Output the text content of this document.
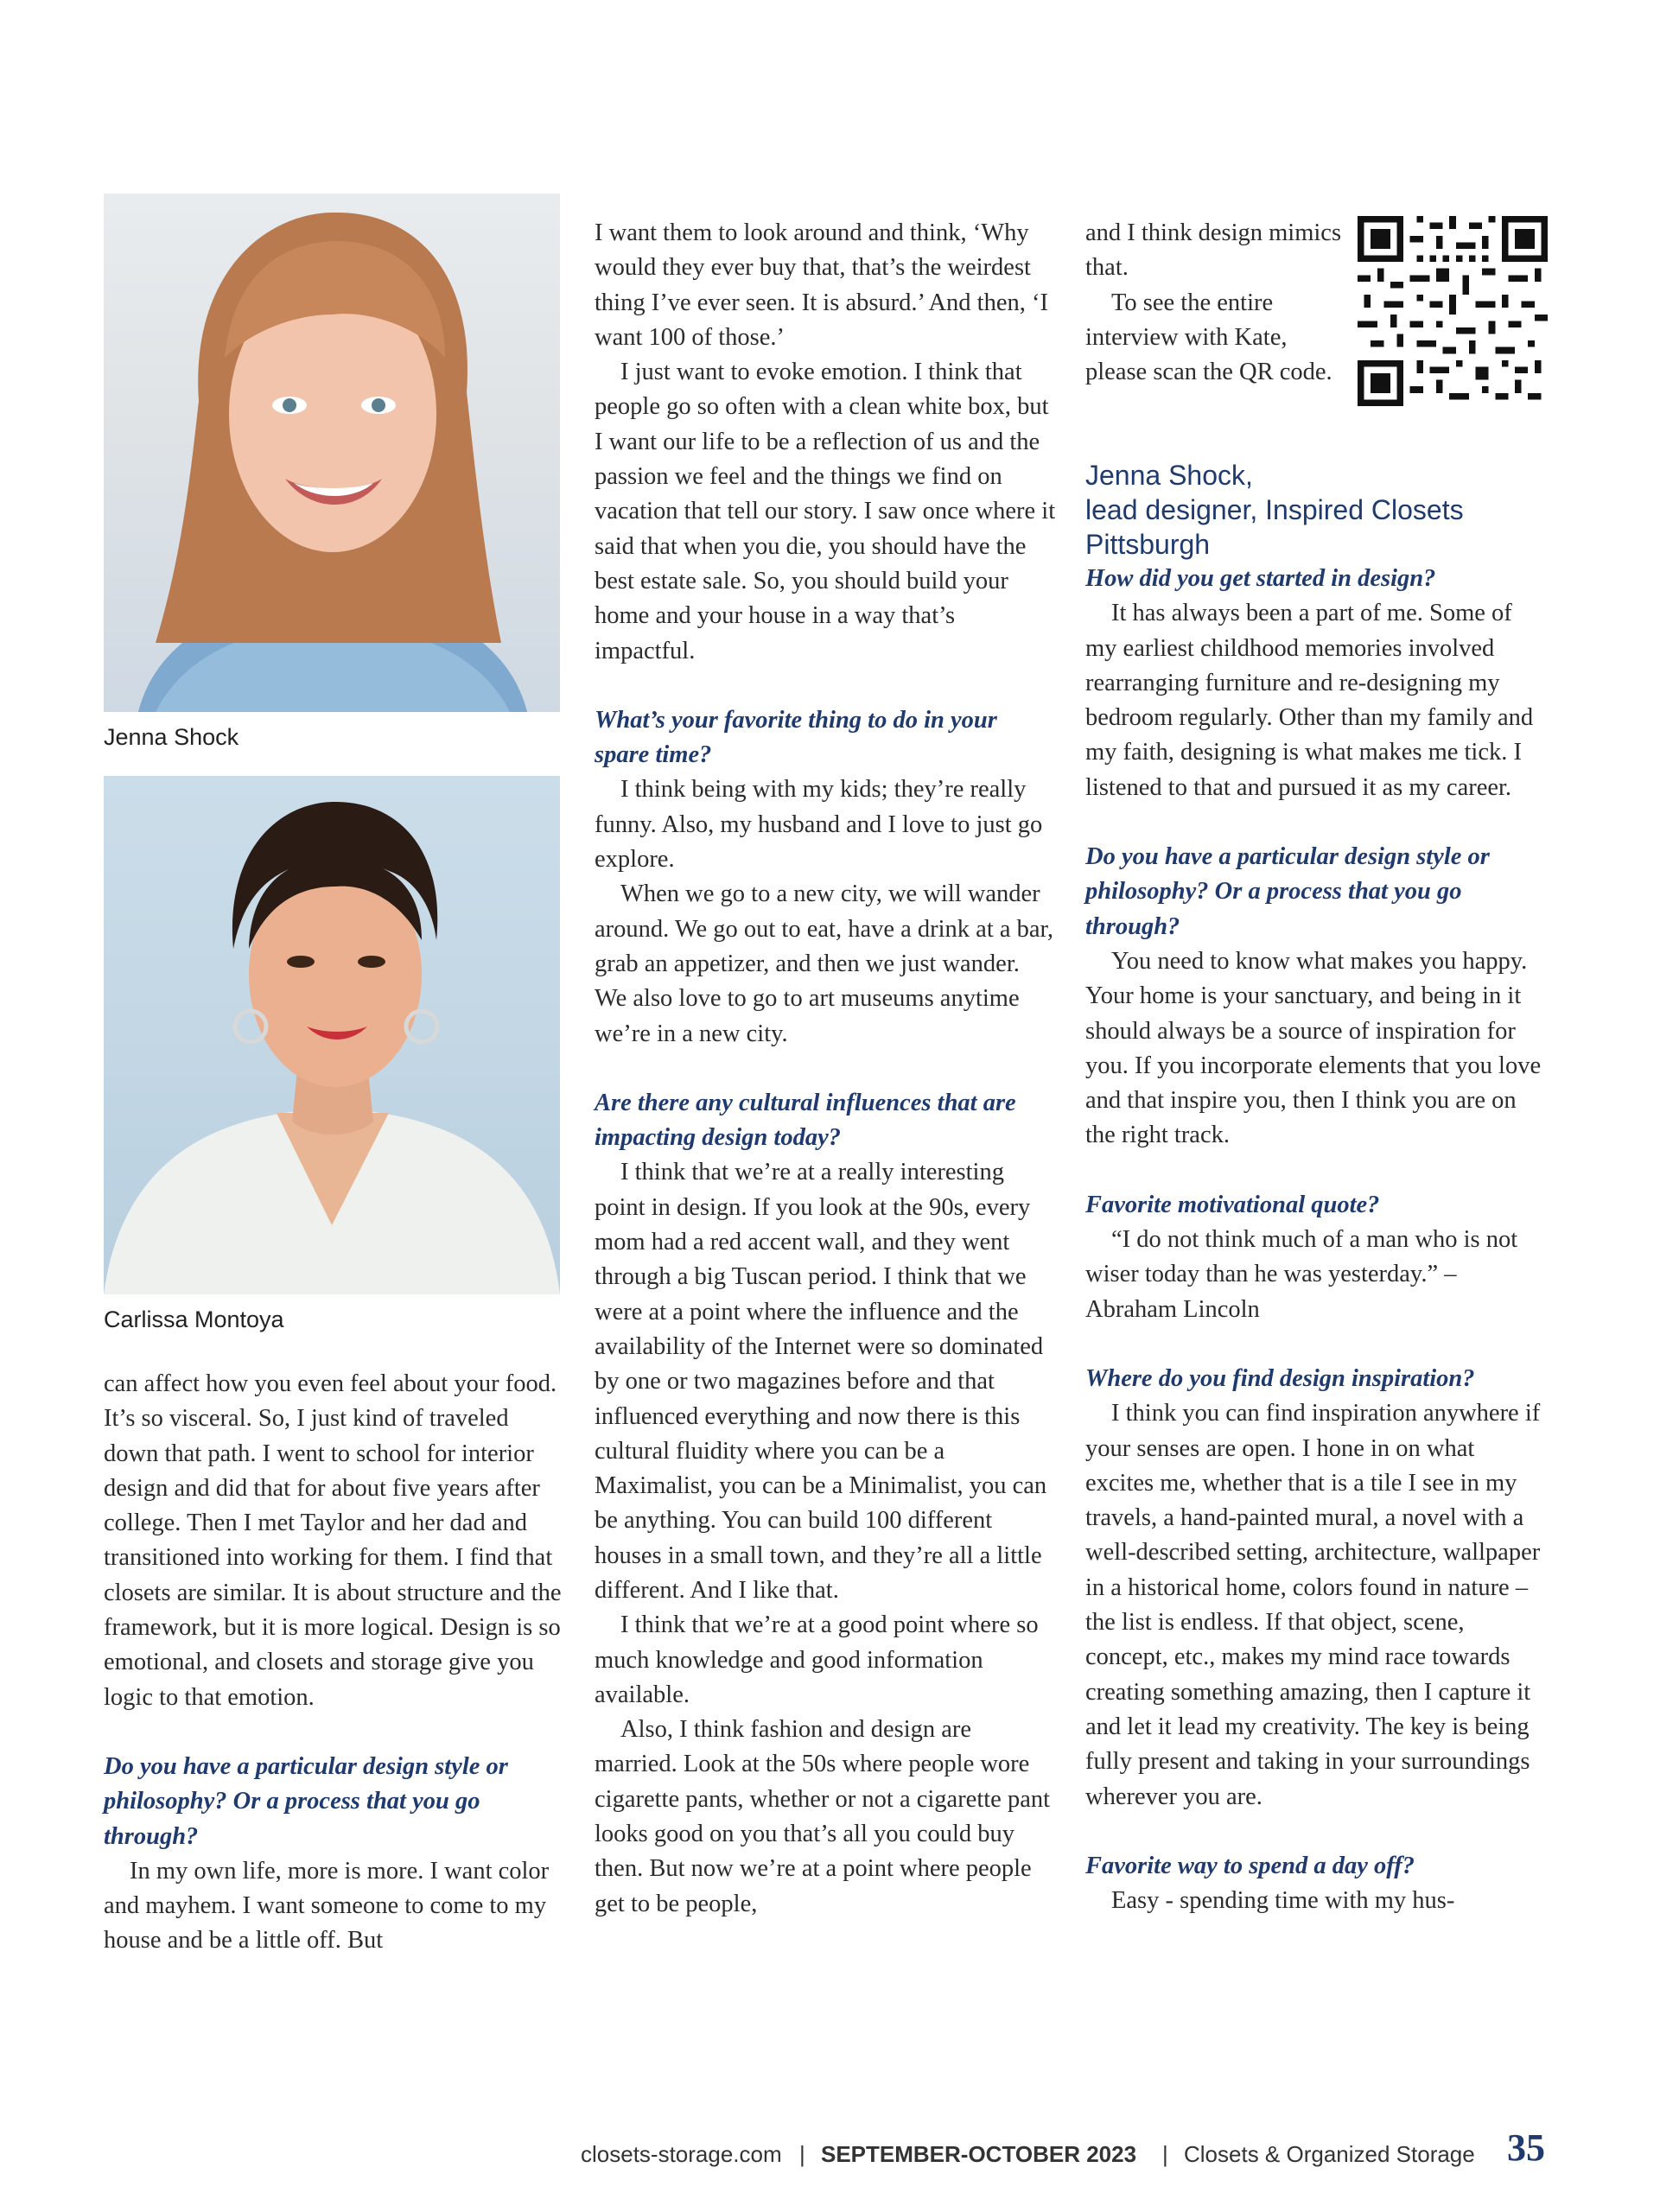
Jenna Shock
Carlissa Montoya

can affect how you even feel about your food. It’s so visceral. So, I just kind of traveled down that path. I went to school for interior design and did that for about five years after college. Then I met Taylor and her dad and transitioned into working for them. I find that closets are similar. It is about structure and the framework, but it is more logical. Design is so emotional, and closets and storage give you logic to that emotion.

Do you have a particular design style or philosophy? Or a process that you go through?

In my own life, more is more. I want color and mayhem. I want someone to come to my house and be a little off. But

I want them to look around and think, ‘Why would they ever buy that, that’s the weirdest thing I’ve ever seen. It is absurd.’ And then, ‘I want 100 of those.’

I just want to evoke emotion. I think that people go so often with a clean white box, but I want our life to be a reflection of us and the passion we feel and the things we find on vacation that tell our story. I saw once where it said that when you die, you should have the best estate sale. So, you should build your home and your house in a way that’s impactful.

What’s your favorite thing to do in your spare time?

I think being with my kids; they’re really funny. Also, my husband and I love to just go explore.

When we go to a new city, we will wander around. We go out to eat, have a drink at a bar, grab an appetizer, and then we just wander. We also love to go to art museums anytime we’re in a new city.

Are there any cultural influences that are impacting design today?

I think that we’re at a really interesting point in design. If you look at the 90s, every mom had a red accent wall, and they went through a big Tuscan period. I think that we were at a point where the influence and the availability of the Internet were so dominated by one or two magazines before and that influenced everything and now there is this cultural fluidity where you can be a Maximalist, you can be a Minimalist, you can be anything. You can build 100 different houses in a small town, and they’re all a little different. And I like that.

I think that we’re at a good point where so much knowledge and good information available.

Also, I think fashion and design are married. Look at the 50s where people wore cigarette pants, whether or not a cigarette pant looks good on you that’s all you could buy then. But now we’re at a point where people get to be people,

and I think design mimics that.

To see the entire interview with Kate, please scan the QR code.

Jenna Shock,
lead designer, Inspired Closets
Pittsburgh
How did you get started in design?

It has always been a part of me. Some of my earliest childhood memories involved rearranging furniture and re-designing my bedroom regularly. Other than my family and my faith, designing is what makes me tick. I listened to that and pursued it as my career.

Do you have a particular design style or philosophy? Or a process that you go through?

You need to know what makes you happy. Your home is your sanctuary, and being in it should always be a source of inspiration for you. If you incorporate elements that you love and that inspire you, then I think you are on the right track.

Favorite motivational quote?

“I do not think much of a man who is not wiser today than he was yesterday.” – Abraham Lincoln

Where do you find design inspiration?

I think you can find inspiration anywhere if your senses are open. I hone in on what excites me, whether that is a tile I see in my travels, a hand-painted mural, a novel with a well-described setting, architecture, wallpaper in a historical home, colors found in nature – the list is endless. If that object, scene, concept, etc., makes my mind race towards creating something amazing, then I capture it and let it lead my creativity. The key is being fully present and taking in your surroundings wherever you are.

Favorite way to spend a day off?

Easy - spending time with my hus-

closets-storage.com | SEPTEMBER-OCTOBER 2023 | Closets & Organized Storage 35
